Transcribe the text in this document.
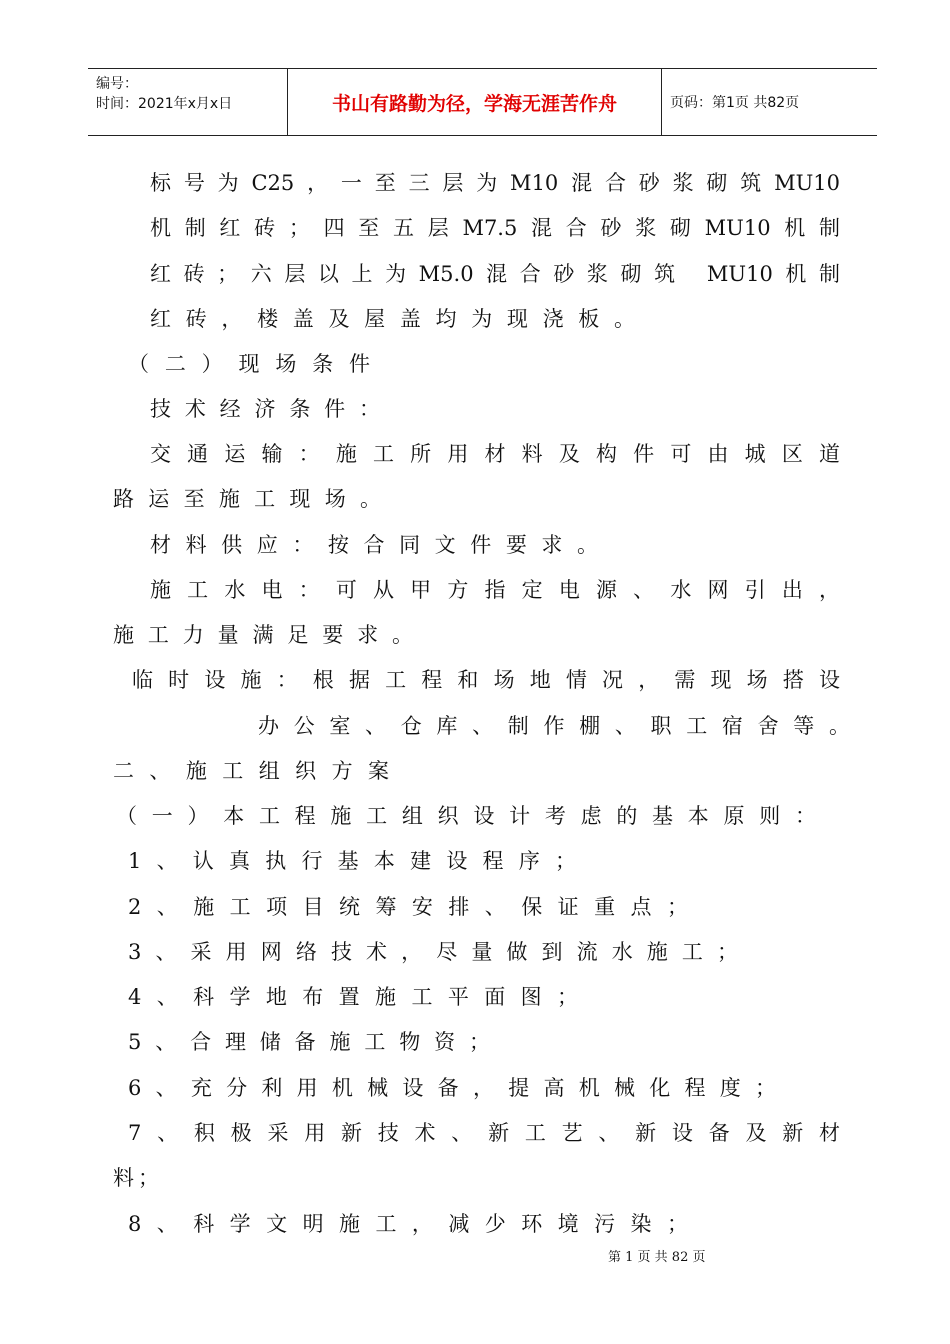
编号：
时间：2021年x月x日	书山有路勤为径，学海无涯苦作舟	页码：第1页 共82页
标号为C25，一至三层为M10混合砂浆砌筑MU10
机制红砖；四至五层M7.5混合砂浆砌MU10机制
红砖；六层以上为M5.0混合砂浆砌筑 MU10机制
红砖，楼盖及屋盖均为现浇板。
（二）现场条件
技术经济条件：
交通运输：施工所用材料及构件可由城区道
路运至施工现场。
材料供应：按合同文件要求。
施工水电：可从甲方指定电源、水网引出，
施工力量满足要求。
临时设施：根据工程和场地情况，需现场搭设
办公室、仓库、制作棚、职工宿舍等。
二、施工组织方案
（一）本工程施工组织设计考虑的基本原则：
1、认真执行基本建设程序；
2、施工项目统筹安排、保证重点；
3、采用网络技术，尽量做到流水施工；
4、科学地布置施工平面图；
5、合理储备施工物资；
6、充分利用机械设备，提高机械化程度；
7、积极采用新技术、新工艺、新设备及新材
料；
8、科学文明施工，减少环境污染；
第 1 页 共 82 页
